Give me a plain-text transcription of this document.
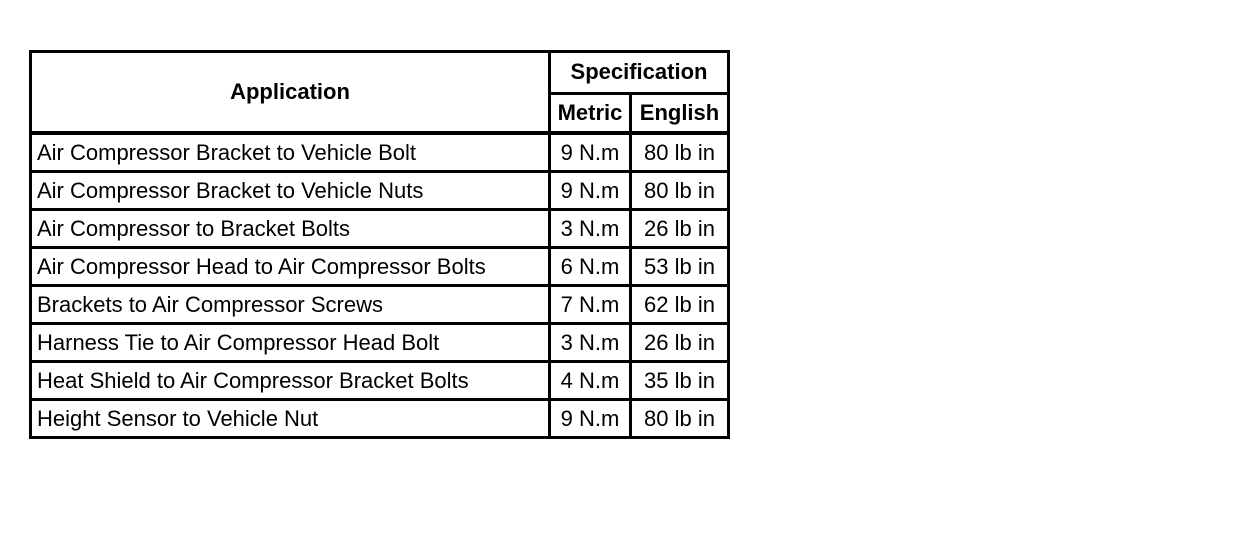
Application	Specification	
	Metric	English
Air Compressor Bracket to Vehicle Bolt	9 N.m	80 lb in
Air Compressor Bracket to Vehicle Nuts	9 N.m	80 lb in
Air Compressor to Bracket Bolts	3 N.m	26 lb in
Air Compressor Head to Air Compressor Bolts	6 N.m	53 lb in
Brackets to Air Compressor Screws	7 N.m	62 lb in
Harness Tie to Air Compressor Head Bolt	3 N.m	26 lb in
Heat Shield to Air Compressor Bracket Bolts	4 N.m	35 lb in
Height Sensor to Vehicle Nut	9 N.m	80 lb in
